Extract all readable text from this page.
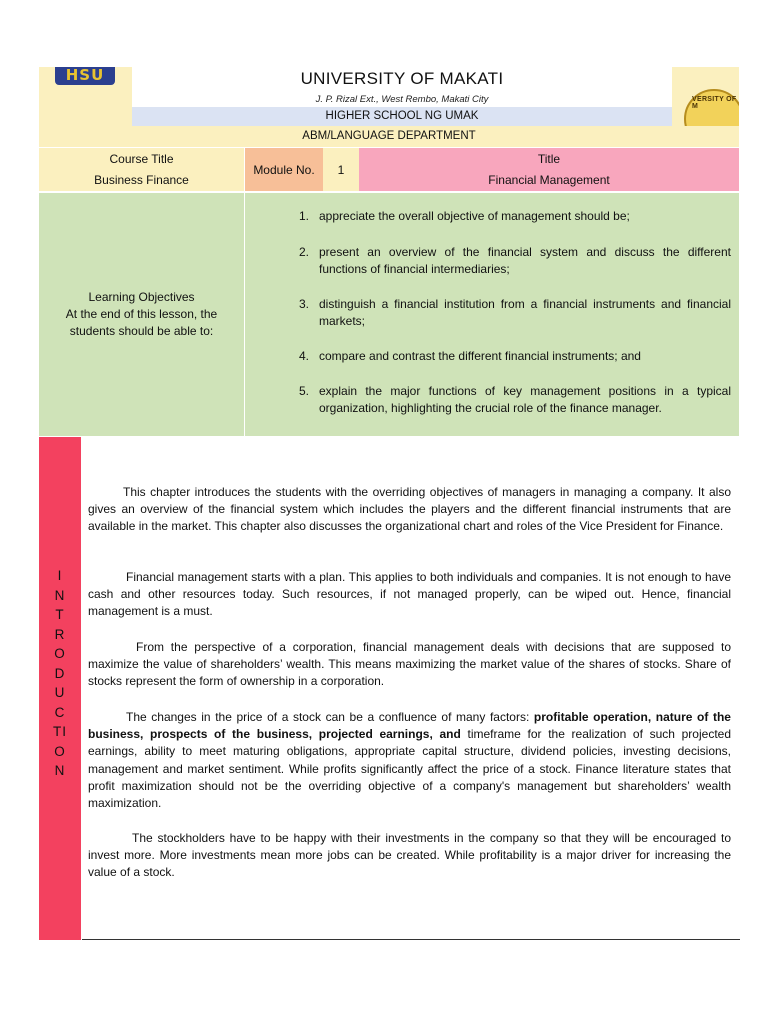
HSU	UNIVERSITY OF MAKATI
J. P. Rizal Ext., West Rembo, Makati City	VERSITY OF M
HIGHER SCHOOL NG UMAK
ABM/LANGUAGE DEPARTMENT
Course Title
Business Finance
Module No.	1
Title
Financial Management
Learning Objectives
At the end of this lesson, the students should be able to:
1. appreciate the overall objective of management should be;
2. present an overview of the financial system and discuss the different functions of financial intermediaries;
3. distinguish a financial institution from a financial instruments and financial markets;
4. compare and contrast the different financial instruments; and
5. explain the major functions of key management positions in a typical organization, highlighting the crucial role of the finance manager.
I
N
T
R
O
D
U
C
TI
O
N
This chapter introduces the students with the overriding objectives of managers in managing a company. It also gives an overview of the financial system which includes the players and the different financial instruments that are available in the market. This chapter also discusses the organizational chart and roles of the Vice President for Finance.
Financial management starts with a plan. This applies to both individuals and companies. It is not enough to have cash and other resources today. Such resources, if not managed properly, can be wiped out. Hence, financial management is a must.
From the perspective of a corporation, financial management deals with decisions that are supposed to maximize the value of shareholders’ wealth. This means maximizing the market value of the shares of stocks. Share of stocks represent the form of ownership in a corporation.
The changes in the price of a stock can be a confluence of many factors: profitable operation, nature of the business, prospects of the business, projected earnings, and timeframe for the realization of such projected earnings, ability to meet maturing obligations, appropriate capital structure, dividend policies, investing decisions, management and market sentiment. While profits significantly affect the price of a stock. Finance literature states that profit maximization should not be the overriding objective of a company's management but shareholders’ wealth maximization.
The stockholders have to be happy with their investments in the company so that they will be encouraged to invest more. More investments mean more jobs can be created. While profitability is a major driver for increasing the value of a stock.
